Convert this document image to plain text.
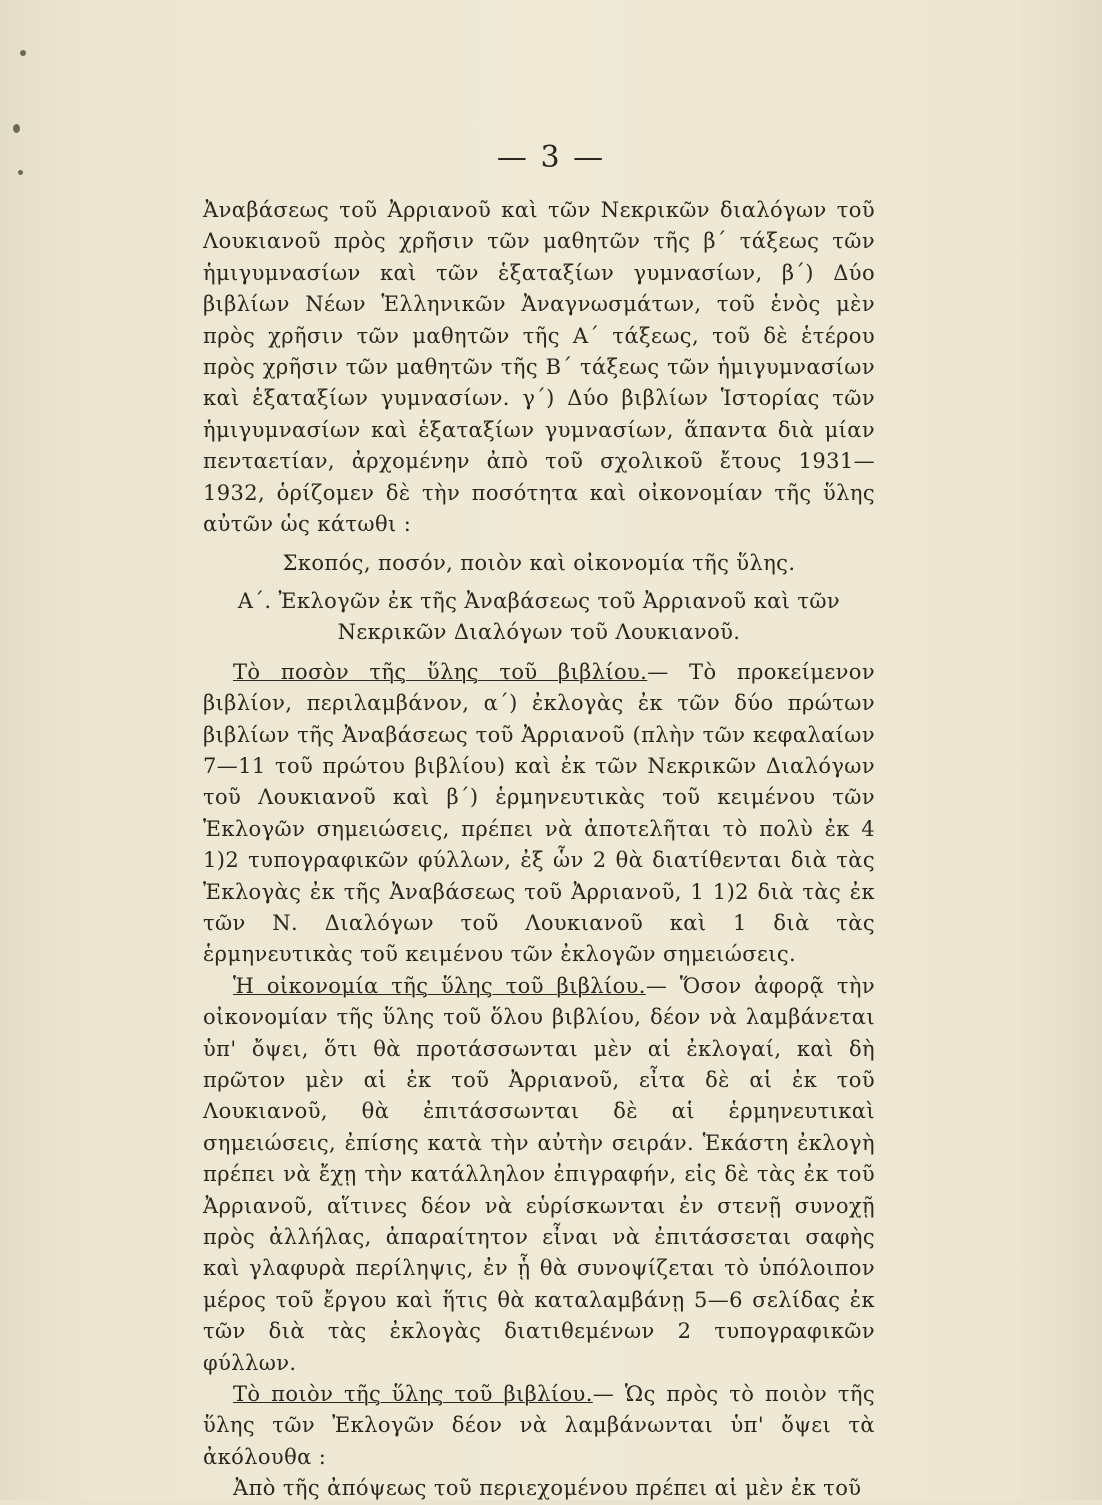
— 3 —

Ἀναβάσεως τοῦ Ἀρριανοῦ καὶ τῶν Νεκρικῶν διαλόγων τοῦ Λουκιανοῦ πρὸς χρῆσιν τῶν μαθητῶν τῆς β΄ τάξεως τῶν ἡμιγυμνασίων καὶ τῶν ἑξαταξίων γυμνασίων, β΄) Δύο βιβλίων Νέων Ἑλληνικῶν Ἀναγνωσμάτων, τοῦ ἑνὸς μὲν πρὸς χρῆσιν τῶν μαθητῶν τῆς Α΄ τάξεως, τοῦ δὲ ἑτέρου πρὸς χρῆσιν τῶν μαθητῶν τῆς Β΄ τάξεως τῶν ἡμιγυμνασίων καὶ ἑξαταξίων γυμνασίων. γ΄) Δύο βιβλίων Ἱστορίας τῶν ἡμιγυμνασίων καὶ ἑξαταξίων γυμνασίων, ἅπαντα διὰ μίαν πενταετίαν, ἀρχομένην ἀπὸ τοῦ σχολικοῦ ἔτους 1931—1932, ὁρίζομεν δὲ τὴν ποσότητα καὶ οἰκονομίαν τῆς ὕλης αὐτῶν ὡς κάτωθι :

Σκοπός, ποσόν, ποιὸν καὶ οἰκονομία τῆς ὕλης.

Α΄. Ἐκλογῶν ἐκ τῆς Ἀναβάσεως τοῦ Ἀρριανοῦ καὶ τῶν Νεκρικῶν Διαλόγων τοῦ Λουκιανοῦ.

Τὸ ποσὸν τῆς ὕλης τοῦ βιβλίου.— Τὸ προκείμενον βιβλίον, περιλαμβάνον, α΄) ἐκλογὰς ἐκ τῶν δύο πρώτων βιβλίων τῆς Ἀναβάσεως τοῦ Ἀρριανοῦ (πλὴν τῶν κεφαλαίων 7—11 τοῦ πρώτου βιβλίου) καὶ ἐκ τῶν Νεκρικῶν Διαλόγων τοῦ Λουκιανοῦ καὶ β΄) ἑρμηνευτικὰς τοῦ κειμένου τῶν Ἐκλογῶν σημειώσεις, πρέπει νὰ ἀποτελῆται τὸ πολὺ ἐκ 4 1)2 τυπογραφικῶν φύλλων, ἐξ ὧν 2 θὰ διατίθενται διὰ τὰς Ἐκλογὰς ἐκ τῆς Ἀναβάσεως τοῦ Ἀρριανοῦ, 1 1)2 διὰ τὰς ἐκ τῶν Ν. Διαλόγων τοῦ Λουκιανοῦ καὶ 1 διὰ τὰς ἑρμηνευτικὰς τοῦ κειμένου τῶν ἐκλογῶν σημειώσεις.

Ἡ οἰκονομία τῆς ὕλης τοῦ βιβλίου.— Ὅσον ἀφορᾷ τὴν οἰκονομίαν τῆς ὕλης τοῦ ὅλου βιβλίου, δέον νὰ λαμβάνεται ὑπ' ὄψει, ὅτι θὰ προτάσσωνται μὲν αἱ ἐκλογαί, καὶ δὴ πρῶτον μὲν αἱ ἐκ τοῦ Ἀρριανοῦ, εἶτα δὲ αἱ ἐκ τοῦ Λουκιανοῦ, θὰ ἐπιτάσσωνται δὲ αἱ ἑρμηνευτικαὶ σημειώσεις, ἐπίσης κατὰ τὴν αὐτὴν σειράν. Ἑκάστη ἐκλογὴ πρέπει νὰ ἔχῃ τὴν κατάλληλον ἐπιγραφήν, εἰς δὲ τὰς ἐκ τοῦ Ἀρριανοῦ, αἵτινες δέον νὰ εὑρίσκωνται ἐν στενῇ συνοχῇ πρὸς ἀλλήλας, ἀπαραίτητον εἶναι νὰ ἐπιτάσσεται σαφὴς καὶ γλαφυρὰ περίληψις, ἐν ᾗ θὰ συνοψίζεται τὸ ὑπόλοιπον μέρος τοῦ ἔργου καὶ ἥτις θὰ καταλαμβάνῃ 5—6 σελίδας ἐκ τῶν διὰ τὰς ἐκλογὰς διατιθεμένων 2 τυπογραφικῶν φύλλων.

Τὸ ποιὸν τῆς ὕλης τοῦ βιβλίου.— Ὡς πρὸς τὸ ποιὸν τῆς ὕλης τῶν Ἐκλογῶν δέον νὰ λαμβάνωνται ὑπ' ὄψει τὰ ἀκόλουθα :

Ἀπὸ τῆς ἀπόψεως τοῦ περιεχομένου πρέπει αἱ μὲν ἐκ τοῦ
